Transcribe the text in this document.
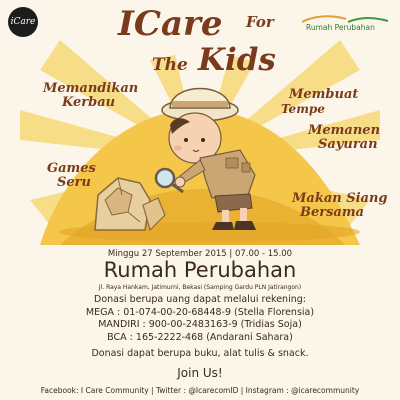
iCare
Rumah Perubahan
ICare For
The Kids
Memandikan
Kerbau
Membuat
Tempe
Memanen
Sayuran
Games
Seru
Makan Siang
Bersama
Minggu 27 September 2015 | 07.00 - 15.00
Rumah Perubahan
Jl. Raya Hankam, Jatimurni, Bekasi (Samping Gardu PLN Jatirangon)
Donasi berupa uang dapat melalui rekening:
MEGA : 01-074-00-20-68448-9 (Stella Florensia)
MANDIRI : 900-00-2483163-9 (Tridias Soja)
BCA : 165-2222-468 (Andarani Sahara)
Donasi dapat berupa buku, alat tulis & snack.
Join Us!
Facebook: I Care Community | Twitter : @IcarecomID | Instagram : @icarecommunity
